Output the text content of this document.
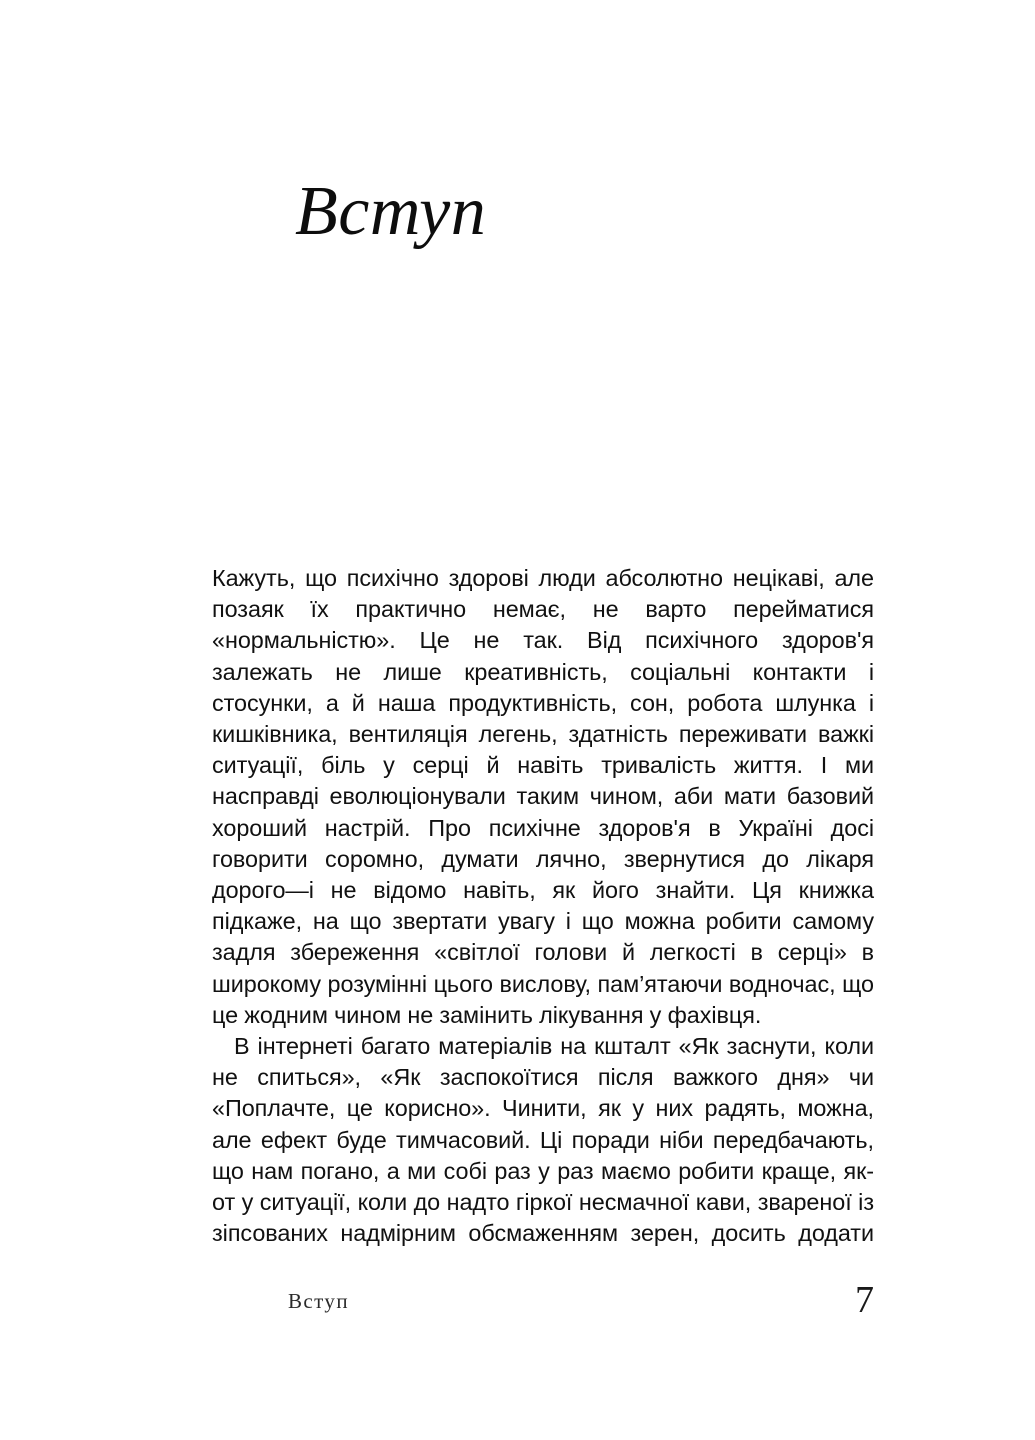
Вступ

Кажуть, що психічно здорові люди абсолютно нецікаві, але позаяк їх практично немає, не варто перейматися «нормальністю». Це не так. Від психічного здоров'я залежать не лише креативність, соціальні контакти і стосунки, а й наша продуктивність, сон, робота шлунка і кишківника, вентиляція легень, здатність переживати важкі ситуації, біль у серці й навіть тривалість життя. І ми насправді еволюціонували таким чином, аби мати базовий хороший настрій. Про психічне здоров'я в Україні досі говорити соромно, думати лячно, звернутися до лікаря дорого—і не відомо навіть, як його знайти. Ця книжка підкаже, на що звертати увагу і що можна робити самому задля збереження «світлої голови й легкості в серці» в широкому розумінні цього вислову, пам’ятаючи водночас, що це жодним чином не замінить лікування у фахівця.

В інтернеті багато матеріалів на кшталт «Як заснути, коли не спиться», «Як заспокоїтися після важкого дня» чи «Поплачте, це корисно». Чинити, як у них радять, можна, але ефект буде тимчасовий. Ці поради ніби передбачають, що нам погано, а ми собі раз у раз маємо робити краще, як-от у ситуації, коли до надто гіркої несмачної кави, звареної із зіпсованих надмірним обсмаженням зерен, досить додати

Вступ	7
